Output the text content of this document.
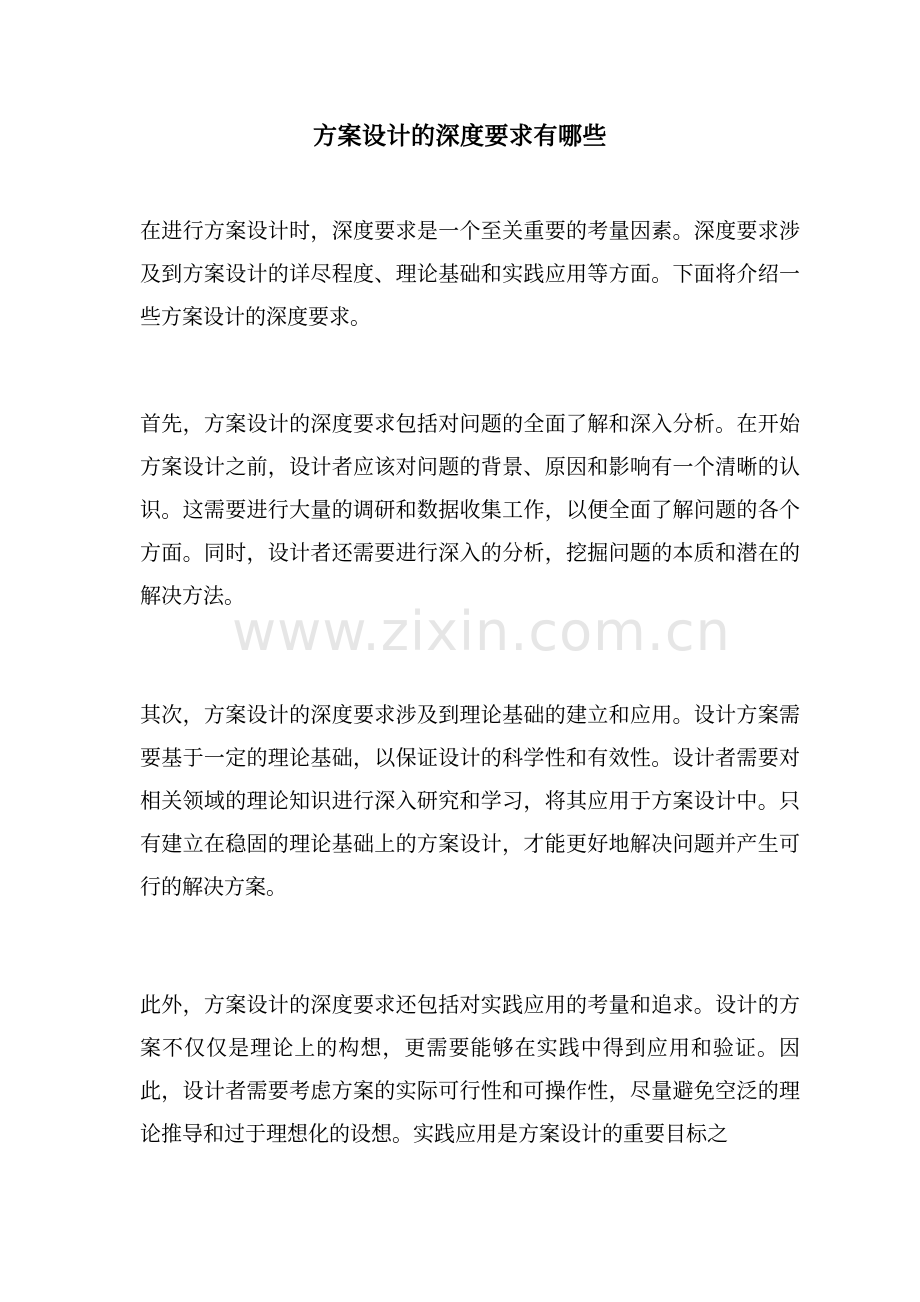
方案设计的深度要求有哪些

在进行方案设计时，深度要求是一个至关重要的考量因素。深度要求涉及到方案设计的详尽程度、理论基础和实践应用等方面。下面将介绍一些方案设计的深度要求。

首先，方案设计的深度要求包括对问题的全面了解和深入分析。在开始方案设计之前，设计者应该对问题的背景、原因和影响有一个清晰的认识。这需要进行大量的调研和数据收集工作，以便全面了解问题的各个方面。同时，设计者还需要进行深入的分析，挖掘问题的本质和潜在的解决方法。

其次，方案设计的深度要求涉及到理论基础的建立和应用。设计方案需要基于一定的理论基础，以保证设计的科学性和有效性。设计者需要对相关领域的理论知识进行深入研究和学习，将其应用于方案设计中。只有建立在稳固的理论基础上的方案设计，才能更好地解决问题并产生可行的解决方案。

此外，方案设计的深度要求还包括对实践应用的考量和追求。设计的方案不仅仅是理论上的构想，更需要能够在实践中得到应用和验证。因此，设计者需要考虑方案的实际可行性和可操作性，尽量避免空泛的理论推导和过于理想化的设想。实践应用是方案设计的重要目标之

www.zixin.com.cn
